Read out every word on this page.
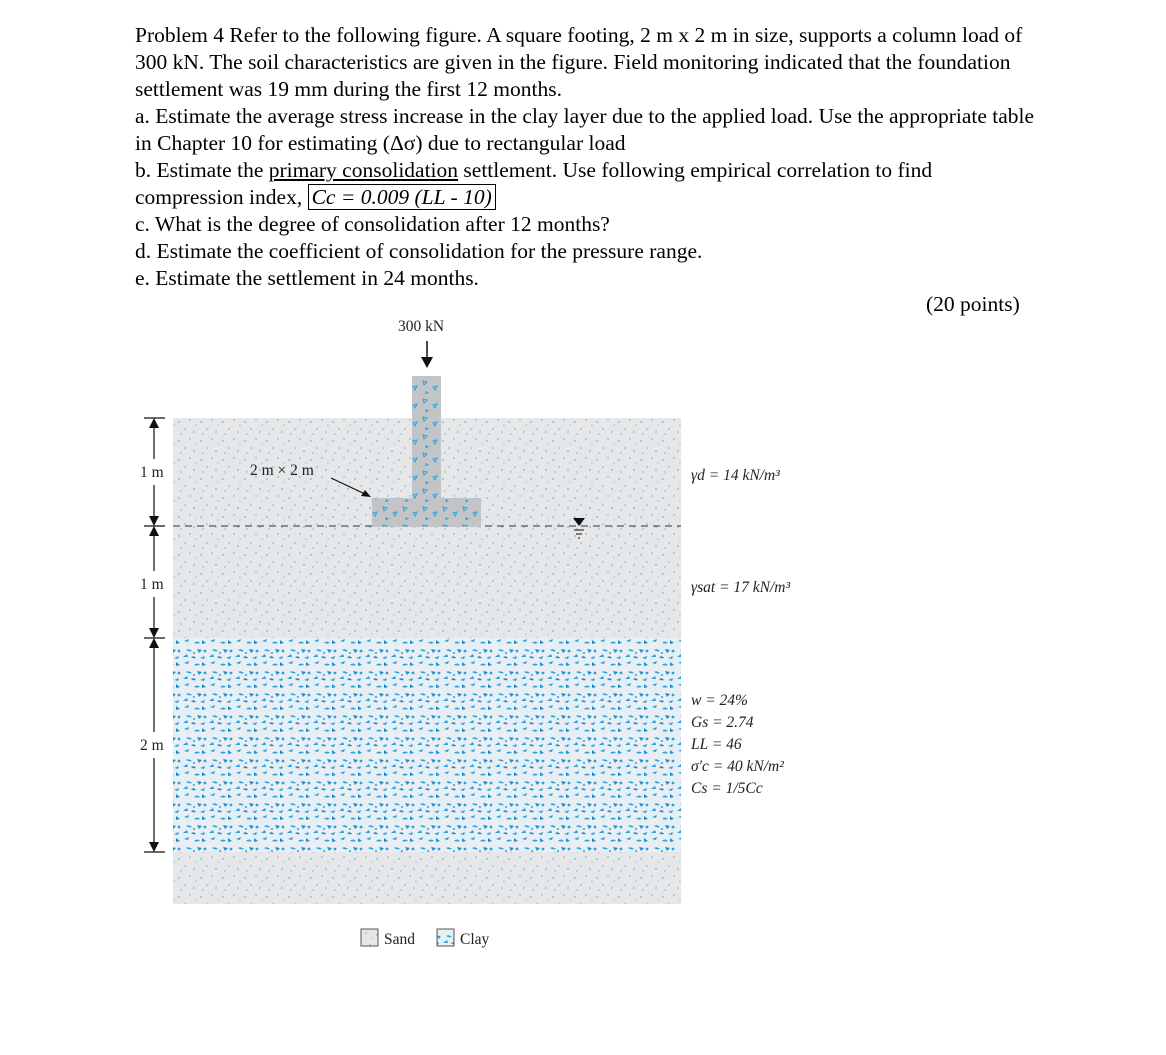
Problem 4 Refer to the following figure. A square footing, 2 m x 2 m in size, supports a column load of 300 kN. The soil characteristics are given in the figure. Field monitoring indicated that the foundation settlement was 19 mm during the first 12 months.

a. Estimate the average stress increase in the clay layer due to the applied load. Use the appropriate table in Chapter 10 for estimating (Δσ) due to rectangular load

b. Estimate the primary consolidation settlement. Use following empirical correlation to find compression index, Cc = 0.009 (LL - 10)

c. What is the degree of consolidation after 12 months?

d. Estimate the coefficient of consolidation for the pressure range.

e. Estimate the settlement in 24 months.

(20 points)
300 kN
2 m × 2 m
1 m
1 m
2 m
γd = 14 kN/m³
γsat = 17 kN/m³
w = 24%
Gs = 2.74
LL = 46
σ′c = 40 kN/m²
Cs = 1/5Cc
Sand	Clay
